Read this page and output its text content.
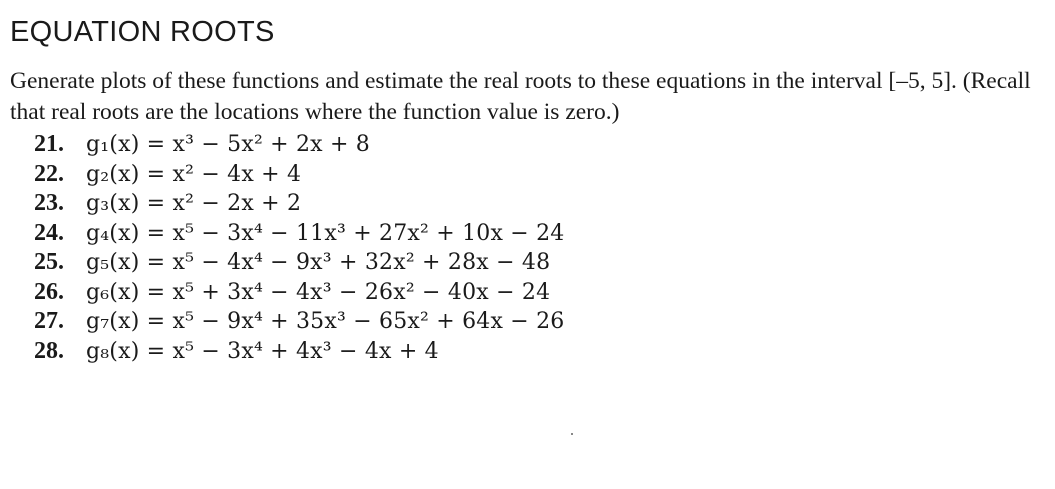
EQUATION ROOTS

Generate plots of these functions and estimate the real roots to these equations in the interval [–5, 5]. (Recall that real roots are the locations where the function value is zero.)

21.	g₁(x) = x³ − 5x² + 2x + 8
22.	g₂(x) = x² − 4x + 4
23.	g₃(x) = x² − 2x + 2
24.	g₄(x) = x⁵ − 3x⁴ − 11x³ + 27x² + 10x − 24
25.	g₅(x) = x⁵ − 4x⁴ − 9x³ + 32x² + 28x − 48
26.	g₆(x) = x⁵ + 3x⁴ − 4x³ − 26x² − 40x − 24
27.	g₇(x) = x⁵ − 9x⁴ + 35x³ − 65x² + 64x − 26
28.	g₈(x) = x⁵ − 3x⁴ + 4x³ − 4x + 4
